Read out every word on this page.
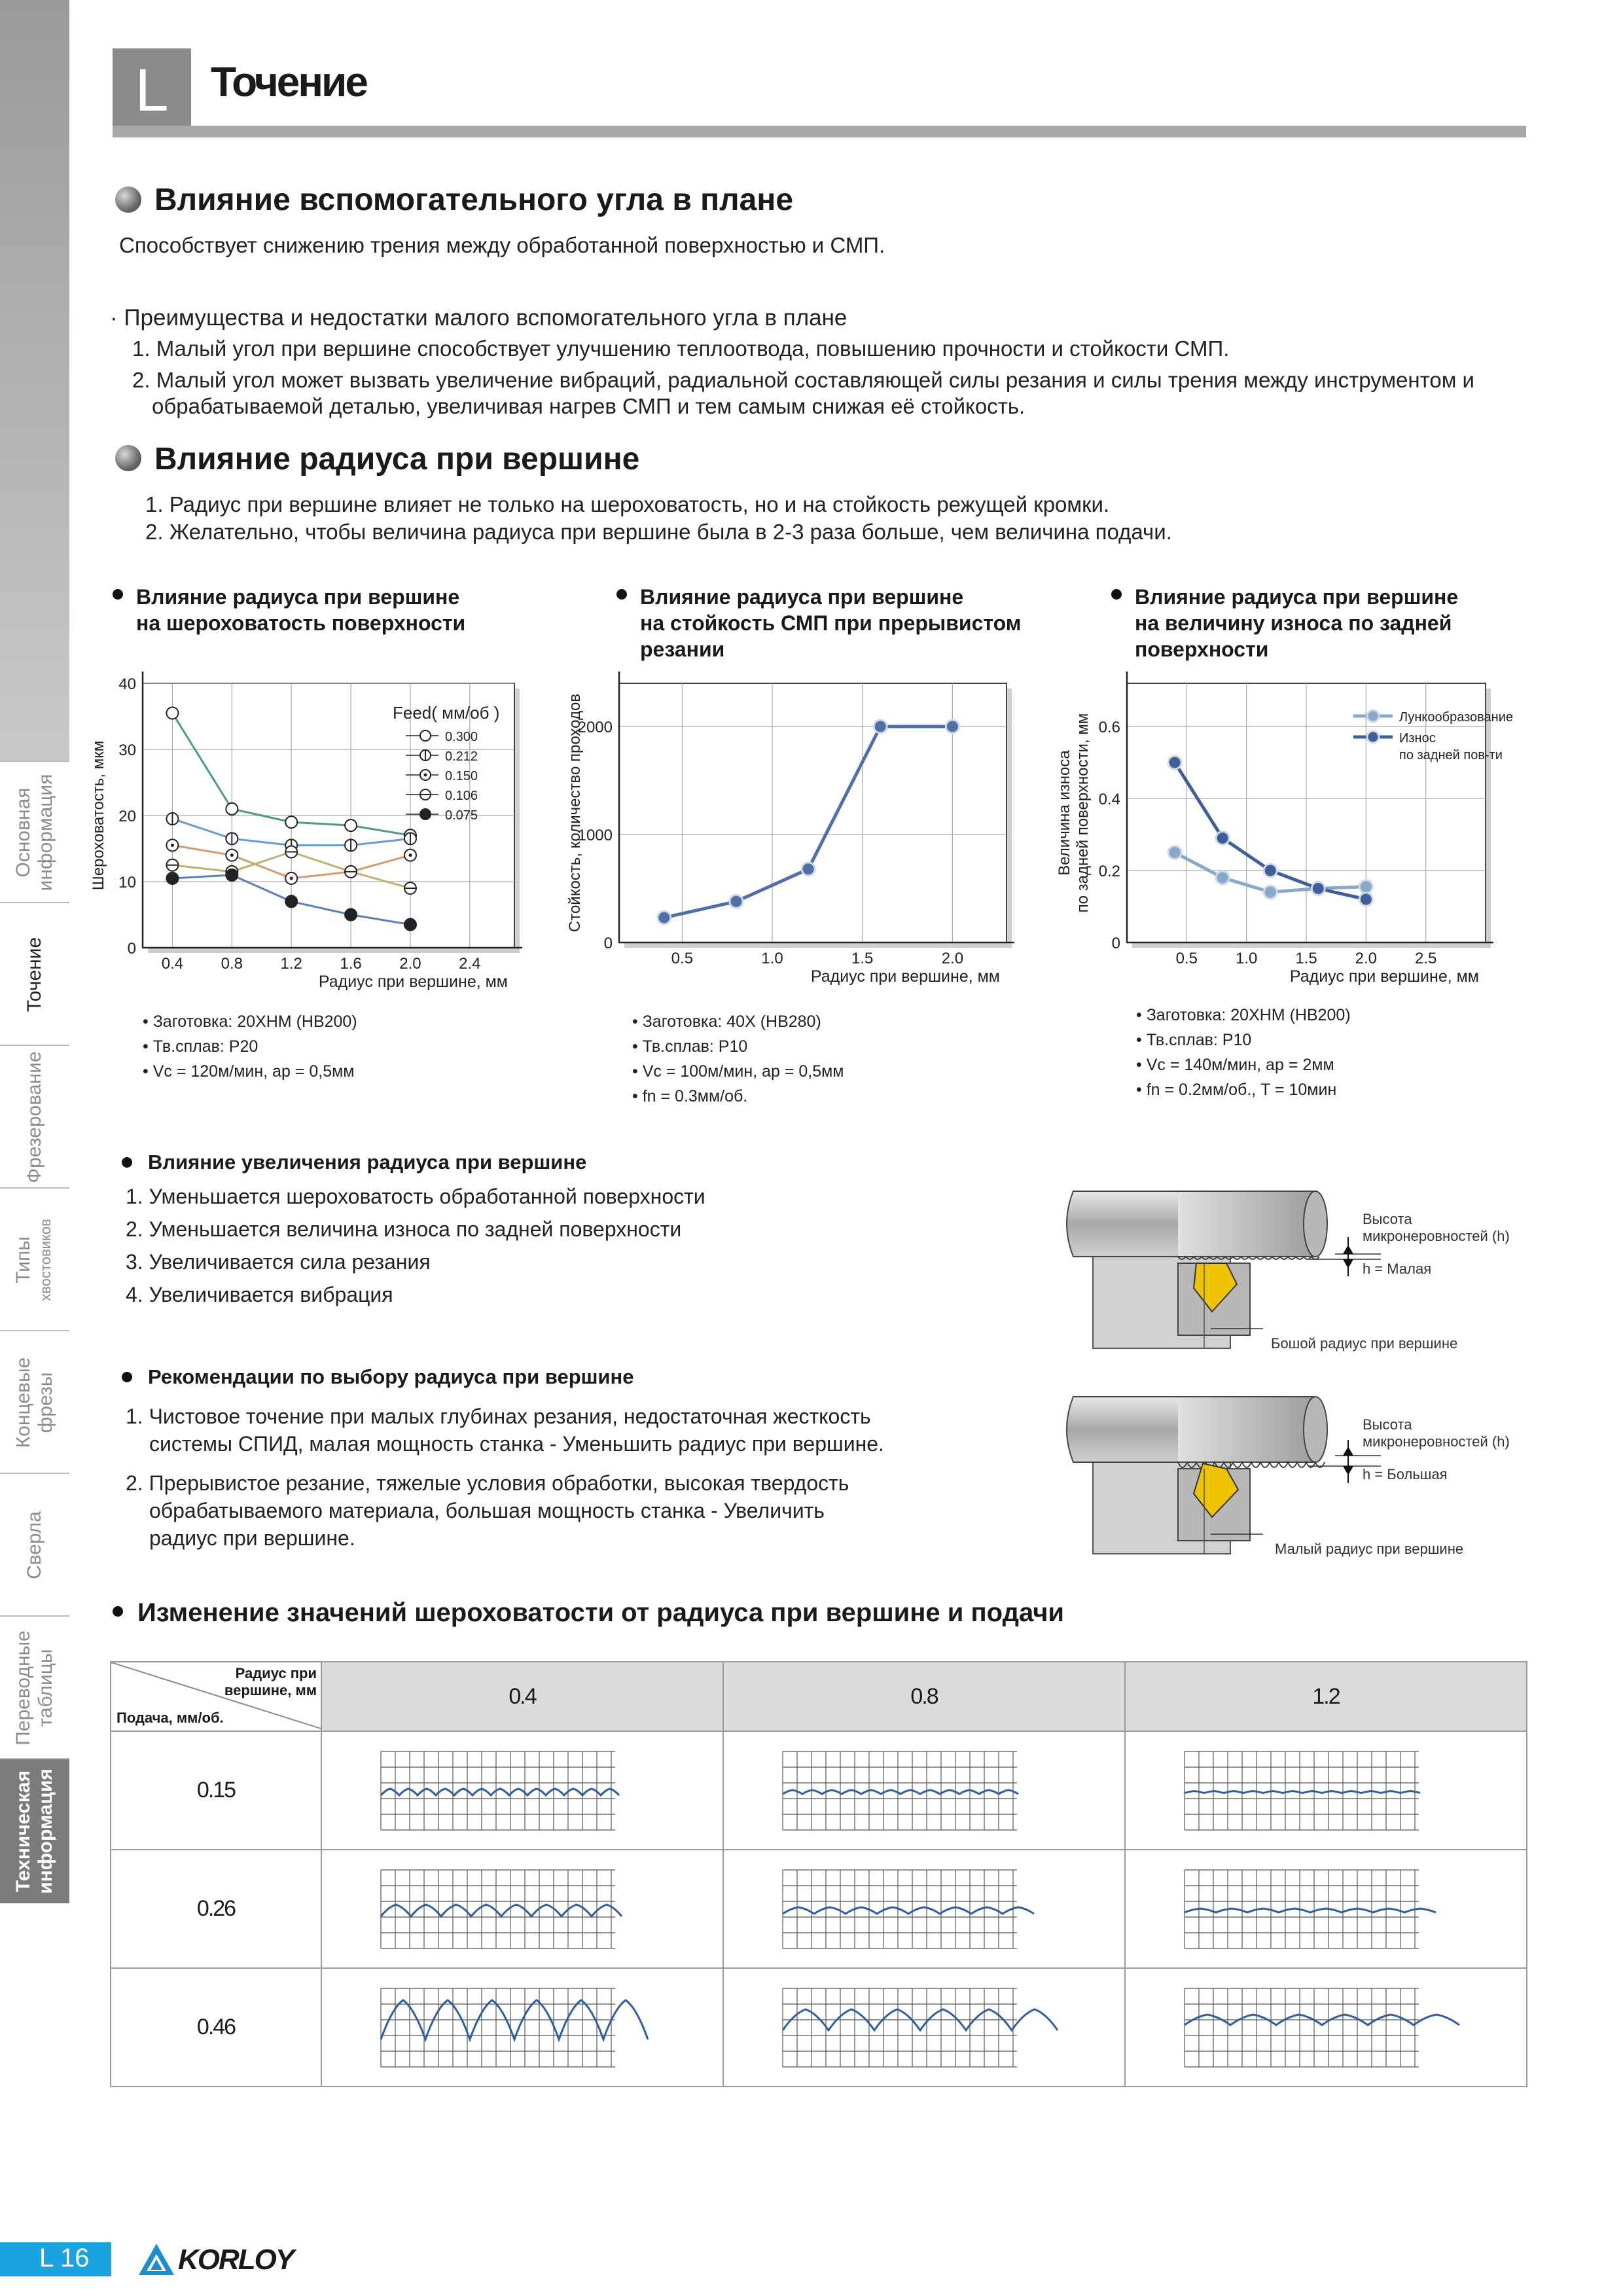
Основная
информация
Точение
Фрезерование
Типы хвостовиков
Концевые
фрезы
Сверла
Переводные
таблицы
Техническая
информация
L	Точение
Влияние вспомогательного угла в плане
Способствует снижению трения между обработанной поверхностью и СМП.
· Преимущества и недостатки малого вспомогательного угла в плане
1. Малый угол при вершине способствует улучшению теплоотвода, повышению прочности и стойкости СМП.
2. Малый угол может вызвать увеличение вибраций, радиальной составляющей силы резания и силы трения между инструментом и
обрабатываемой деталью, увеличивая нагрев СМП и тем самым снижая её стойкость.
Влияние радиуса при вершине
1. Радиус при вершине влияет не только на шероховатость, но и на стойкость режущей кромки.
2. Желательно, чтобы величина радиуса при вершине была в 2-3 раза больше, чем величина подачи.
Влияние радиуса при вершине
на шероховатость поверхности
Влияние радиуса при вершине
на стойкость СМП при прерывистом
резании
Влияние радиуса при вершине
на величину износа по задней
поверхности
0
10
20
30
40
0.4 0.8 1.2 1.6 2.0 2.4
Радиус при вершине, мм
Шероховатость, мкм
Feed( мм/об )
0.300
0.212
0.150
0.106
0.075
0
1000
2000
0.5	1.0	1.5	2.0
Радиус при вершине, мм
Стойкость, количество проходов
0
0.2
0.4
0.6
0.5 1.0 1.5 2.0 2.5
Радиус при вершине, мм
Величина износа по задней поверхности, мм	Лункообразование
Износ
по задней пов-ти
• Заготовка: 20ХНМ (HB200)
• Тв.сплав: P20
• Vc = 120м/мин, ap = 0,5мм
• Заготовка: 40Х (HB280)
• Тв.сплав: P10
• Vc = 100м/мин, ap = 0,5мм
• fn = 0.3мм/об.
• Заготовка: 20ХНМ (HB200)
• Тв.сплав: P10
• Vc = 140м/мин, ap = 2мм
• fn = 0.2мм/об., T = 10мин
Влияние увеличения радиуса при вершине
1. Уменьшается шероховатость обработанной поверхности
2. Уменьшается величина износа по задней поверхности
3. Увеличивается сила резания
4. Увеличивается вибрация
Рекомендации по выбору радиуса при вершине
1. Чистовое точение при малых глубинах резания, недостаточная жесткость
системы СПИД, малая мощность станка - Уменьшить радиус при вершине.
2. Прерывистое резание, тяжелые условия обработки, высокая твердость
обрабатываемого материала, большая мощность станка - Увеличить
радиус при вершине.
Высота
микронеровностей (h)
h = Малая
Бошой радиус при вершине
Высота
микронеровностей (h)
h = Большая
Малый радиус при вершине
Изменение значений шероховатости от радиуса при вершине и подачи
Радиус при
вершине, мм
Подача, мм/об.	0.4	0.8	1.2
0.15			
0.26			
0.46			
L 16	KORLOY
